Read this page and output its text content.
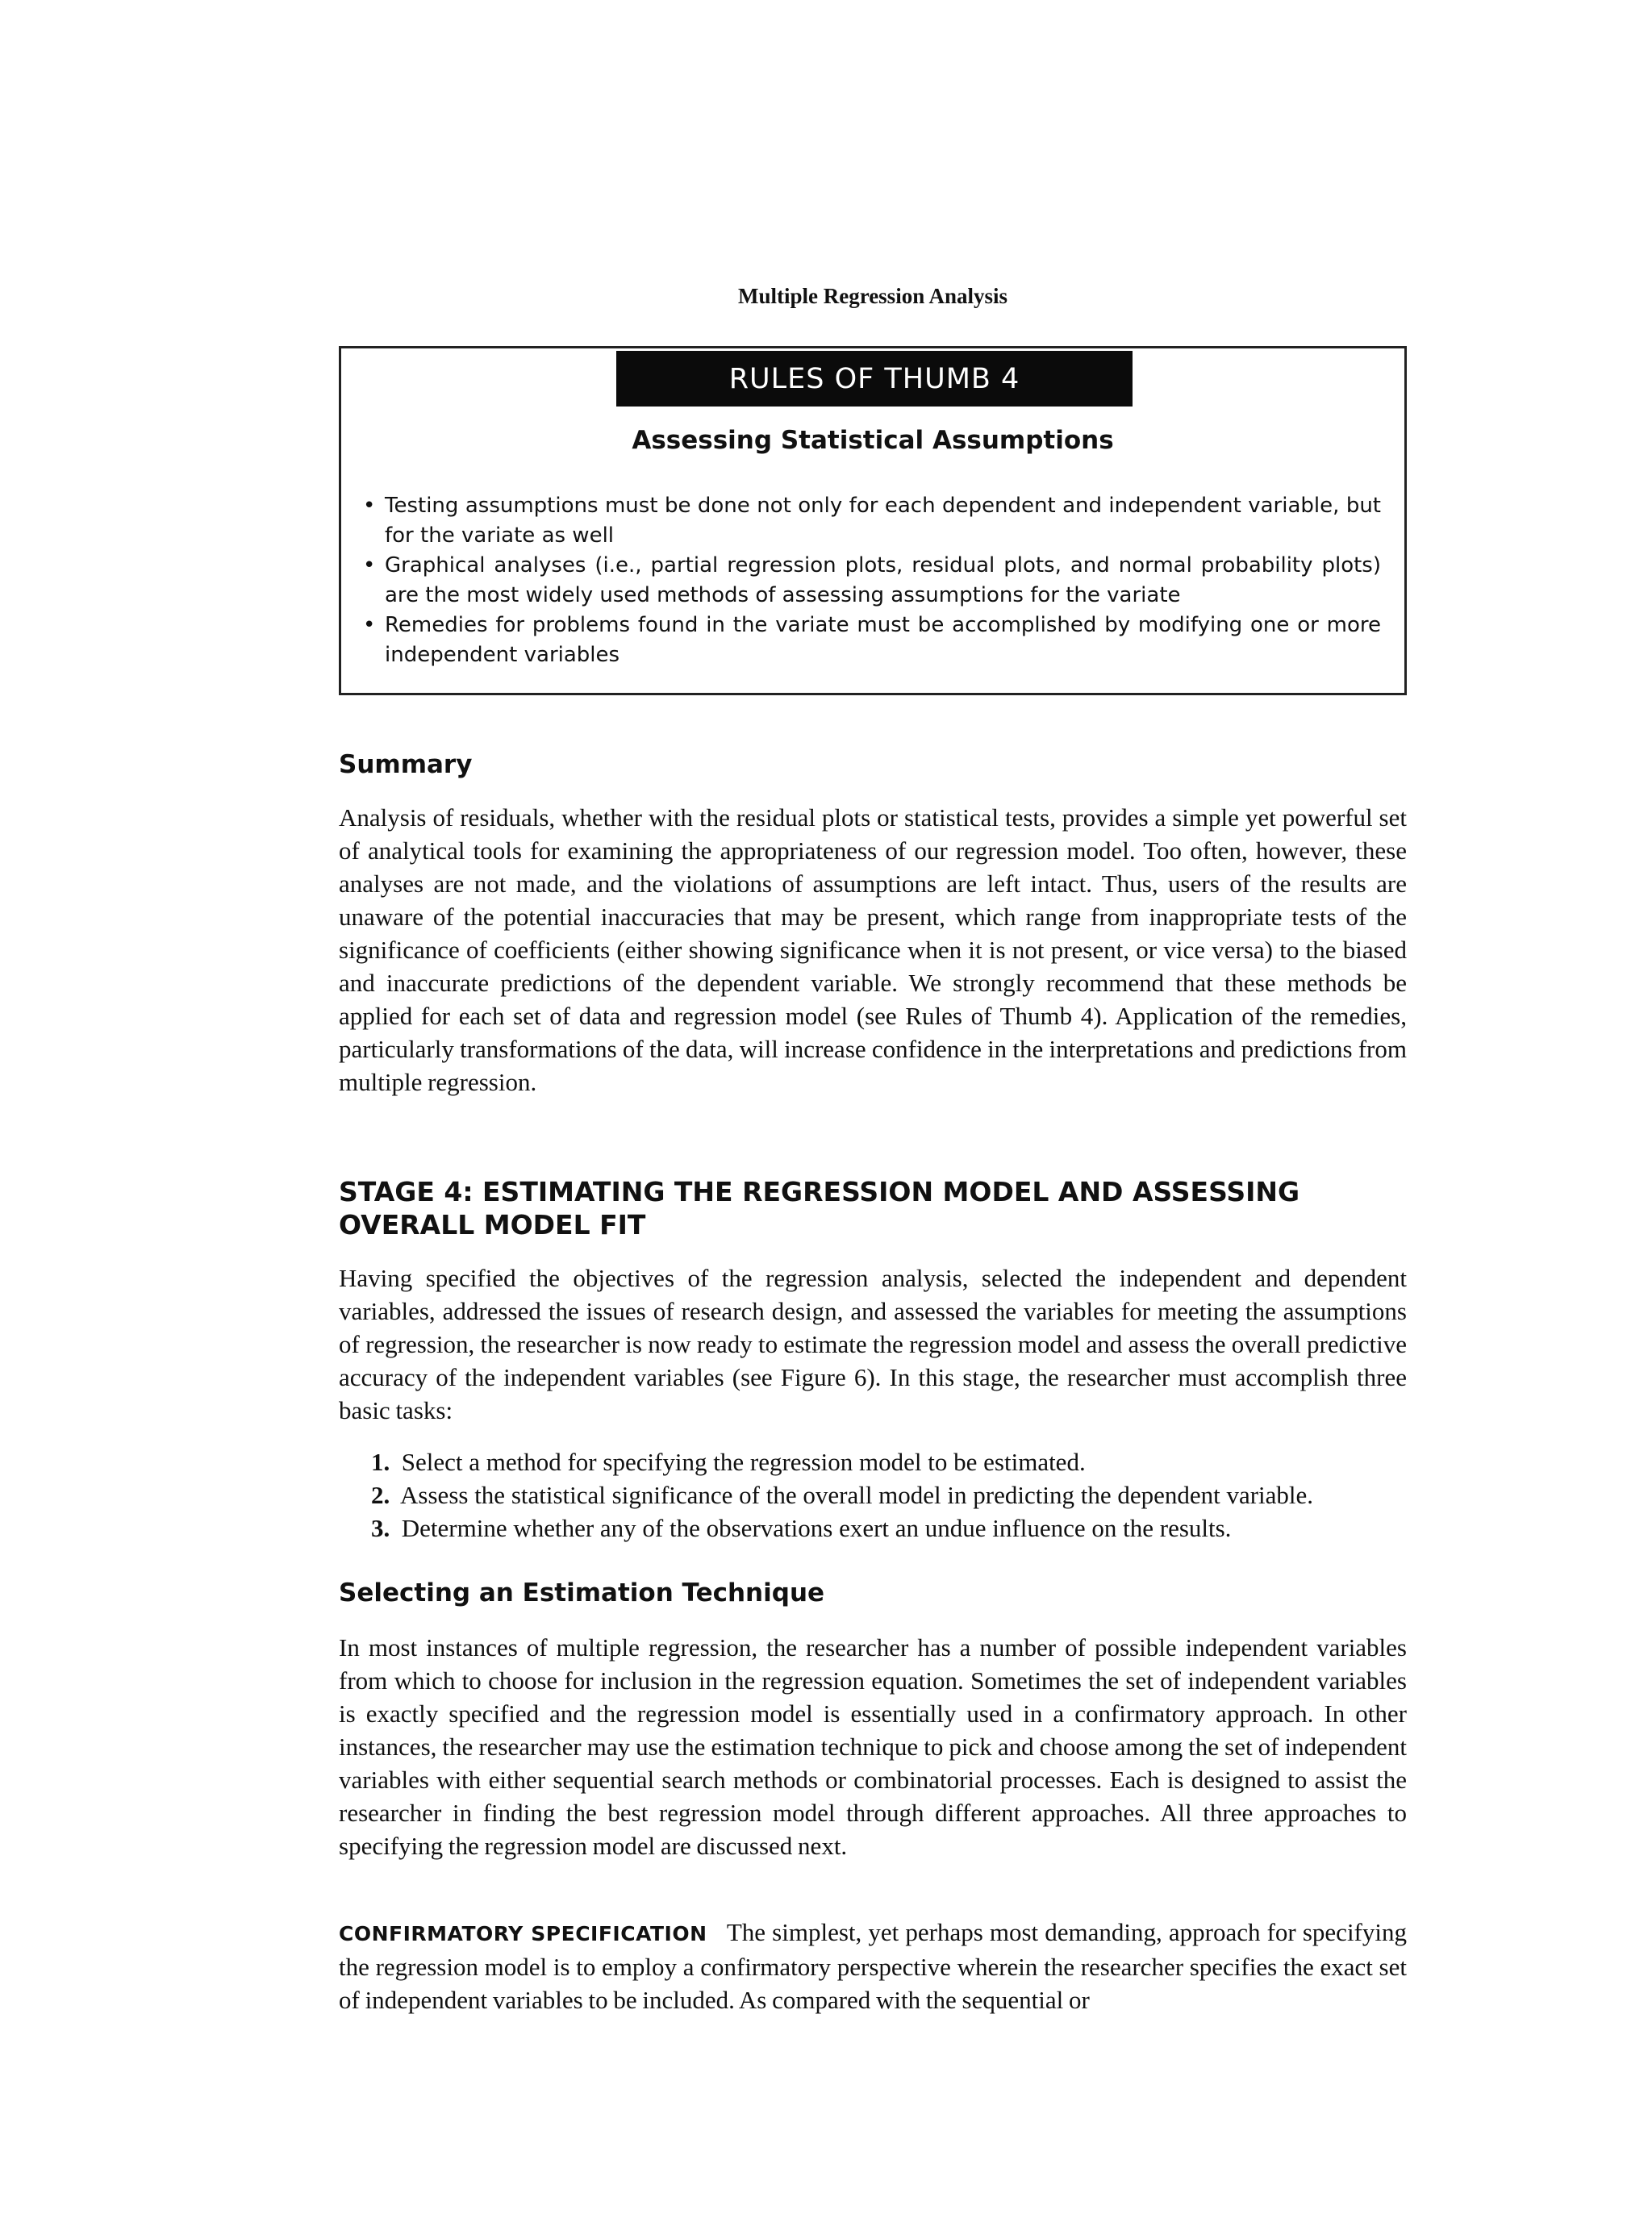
Multiple Regression Analysis
RULES OF THUMB 4
Assessing Statistical Assumptions
• Testing assumptions must be done not only for each dependent and independent variable, but for the variate as well
• Graphical analyses (i.e., partial regression plots, residual plots, and normal probability plots) are the most widely used methods of assessing assumptions for the variate
• Remedies for problems found in the variate must be accomplished by modifying one or more independent variables
Summary

Analysis of residuals, whether with the residual plots or statistical tests, provides a simple yet powerful set of analytical tools for examining the appropriateness of our regression model. Too often, however, these analyses are not made, and the violations of assumptions are left intact. Thus, users of the results are unaware of the potential inaccuracies that may be present, which range from inappropriate tests of the significance of coefficients (either showing significance when it is not present, or vice versa) to the biased and inaccurate predictions of the dependent variable. We strongly recommend that these methods be applied for each set of data and regression model (see Rules of Thumb 4). Application of the remedies, particularly transformations of the data, will increase confidence in the interpretations and predictions from multiple regression.

STAGE 4: ESTIMATING THE REGRESSION MODEL AND ASSESSING
OVERALL MODEL FIT

Having specified the objectives of the regression analysis, selected the independent and dependent variables, addressed the issues of research design, and assessed the variables for meeting the assumptions of regression, the researcher is now ready to estimate the regression model and assess the overall predictive accuracy of the independent variables (see Figure 6). In this stage, the researcher must accomplish three basic tasks:

1. Select a method for specifying the regression model to be estimated.
2. Assess the statistical significance of the overall model in predicting the dependent variable.
3. Determine whether any of the observations exert an undue influence on the results.
Selecting an Estimation Technique

In most instances of multiple regression, the researcher has a number of possible independent variables from which to choose for inclusion in the regression equation. Sometimes the set of independent variables is exactly specified and the regression model is essentially used in a confirmatory approach. In other instances, the researcher may use the estimation technique to pick and choose among the set of independent variables with either sequential search methods or combinatorial processes. Each is designed to assist the researcher in finding the best regression model through different approaches. All three approaches to specifying the regression model are discussed next.

CONFIRMATORY SPECIFICATION The simplest, yet perhaps most demanding, approach for specifying the regression model is to employ a confirmatory perspective wherein the researcher specifies the exact set of independent variables to be included. As compared with the sequential or
